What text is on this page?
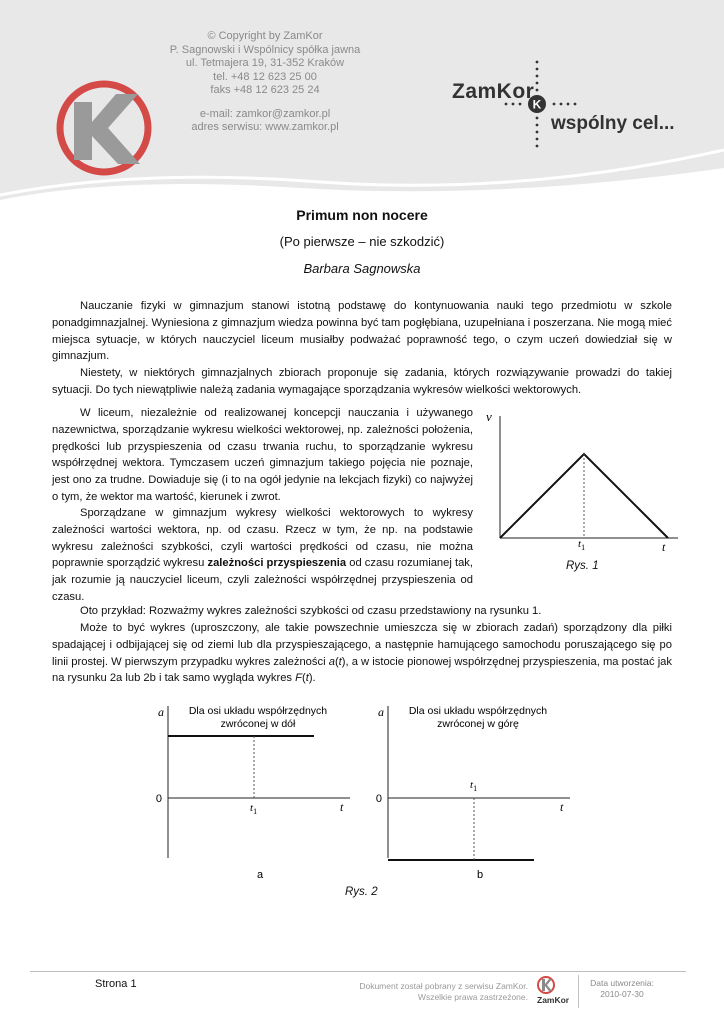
K
© Copyright by ZamKor
P. Sagnowski i Wspólnicy spółka jawna
ul. Tetmajera 19, 31-352 Kraków
tel. +48 12 623 25 00
faks +48 12 623 25 24
e-mail: zamkor@zamkor.pl
adres serwisu: www.zamkor.pl
ZamKor
wspólny cel...
Primum non nocere
(Po pierwsze – nie szkodzić)
Barbara Sagnowska

Nauczanie fizyki w gimnazjum stanowi istotną podstawę do kontynuowania nauki tego przedmiotu w szkole ponadgimnazjalnej. Wyniesiona z gimnazjum wiedza powinna być tam pogłębiana, uzupełniana i poszerzana. Nie mogą mieć miejsca sytuacje, w których nauczyciel liceum musiałby podważać poprawność tego, o czym uczeń dowiedział się w gimnazjum.

Niestety, w niektórych gimnazjalnych zbiorach proponuje się zadania, których rozwiązywanie prowadzi do takiej sytuacji. Do tych niewątpliwie należą zadania wymagające sporządzania wykresów wielkości wektorowych.

W liceum, niezależnie od realizowanej koncepcji nauczania i używanego nazewnictwa, sporządzanie wykresu wielkości wektorowej, np. zależności położenia, prędkości lub przyspieszenia od czasu trwania ruchu, to sporządzanie wykresu współrzędnej wektora. Tymczasem uczeń gimnazjum takiego pojęcia nie poznaje, jest ono za trudne. Dowiaduje się (i to na ogół jedynie na lekcjach fizyki) co najwyżej o tym, że wektor ma wartość, kierunek i zwrot.

Sporządzane w gimnazjum wykresy wielkości wektorowych to wykresy zależności wartości wektora, np. od czasu. Rzecz w tym, że np. na podstawie wykresu zależności szybkości, czyli wartości prędkości od czasu, nie można poprawnie sporządzić wykresu zależności przyspieszenia od czasu rozumianej tak, jak rozumie ją nauczyciel liceum, czyli zależności współrzędnej przyspieszenia od czasu.

Oto przykład: Rozważmy wykres zależności szybkości od czasu przedstawiony na rysunku 1.

Może to być wykres (uproszczony, ale takie powszechnie umieszcza się w zbiorach zadań) sporządzony dla piłki spadającej i odbijającej się od ziemi lub dla przyspieszającego, a następnie hamującego samochodu poruszającego się po linii prostej. W pierwszym przypadku wykres zależności a(t), a w istocie pionowej współrzędnej przyspieszenia, ma postać jak na rysunku 2a lub 2b i tak samo wygląda wykres F(t).

v
t
$t_1$
Rys. 1
a
0
t
$t_1$
Dla osi układu współrzędnych
zwróconej w dół
a
a
0
t
$t_1$
Dla osi układu współrzędnych
zwróconej w górę
b
Rys. 2
Strona 1	Dokument został pobrany z serwisu ZamKor.
Wszelkie prawa zastrzeżone. ZamKor
Data utworzenia:
2010-07-30
